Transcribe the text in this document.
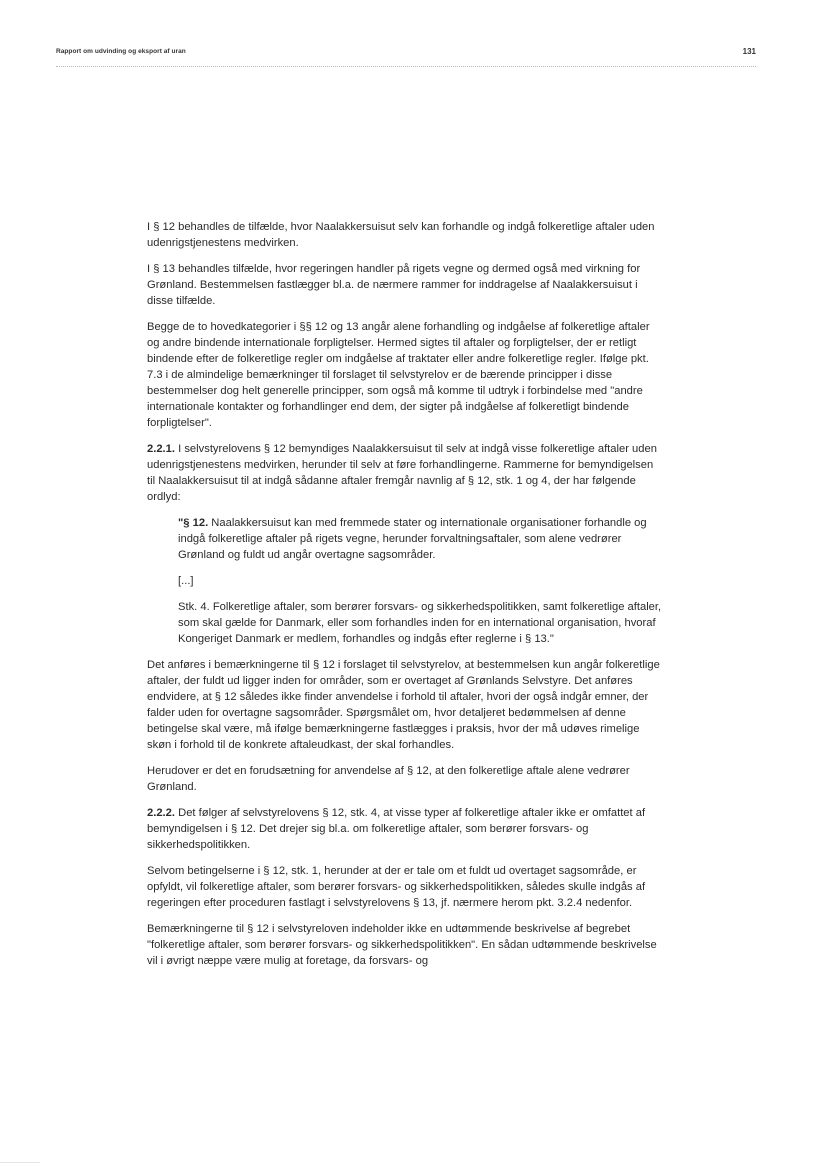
Rapport om udvinding og eksport af uran	131

I § 12 behandles de tilfælde, hvor Naalakkersuisut selv kan forhandle og indgå folkeretlige aftaler uden udenrigstjenestens medvirken.

I § 13 behandles tilfælde, hvor regeringen handler på rigets vegne og dermed også med virkning for Grønland. Bestemmelsen fastlægger bl.a. de nærmere rammer for inddragelse af Naalakkersuisut i disse tilfælde.

Begge de to hovedkategorier i §§ 12 og 13 angår alene forhandling og indgåelse af folkeretlige aftaler og andre bindende internationale forpligtelser. Hermed sigtes til aftaler og forpligtelser, der er retligt bindende efter de folkeretlige regler om indgåelse af traktater eller andre folkeretlige regler. Ifølge pkt. 7.3 i de almindelige bemærkninger til forslaget til selvstyrelov er de bærende principper i disse bestemmelser dog helt generelle principper, som også må komme til udtryk i forbindelse med "andre internationale kontakter og forhandlinger end dem, der sigter på indgåelse af folkeretligt bindende forpligtelser".

2.2.1. I selvstyrelovens § 12 bemyndiges Naalakkersuisut til selv at indgå visse folkeretlige aftaler uden udenrigstjenestens medvirken, herunder til selv at føre forhandlingerne. Rammerne for bemyndigelsen til Naalakkersuisut til at indgå sådanne aftaler fremgår navnlig af § 12, stk. 1 og 4, der har følgende ordlyd:

"§ 12. Naalakkersuisut kan med fremmede stater og internationale organisationer forhandle og indgå folkeretlige aftaler på rigets vegne, herunder forvaltningsaftaler, som alene vedrører Grønland og fuldt ud angår overtagne sagsområder.

[...]

Stk. 4. Folkeretlige aftaler, som berører forsvars- og sikkerhedspolitikken, samt folkeretlige aftaler, som skal gælde for Danmark, eller som forhandles inden for en international organisation, hvoraf Kongeriget Danmark er medlem, forhandles og indgås efter reglerne i § 13."

Det anføres i bemærkningerne til § 12 i forslaget til selvstyrelov, at bestemmelsen kun angår folkeretlige aftaler, der fuldt ud ligger inden for områder, som er overtaget af Grønlands Selvstyre. Det anføres endvidere, at § 12 således ikke finder anvendelse i forhold til aftaler, hvori der også indgår emner, der falder uden for overtagne sagsområder. Spørgsmålet om, hvor detaljeret bedømmelsen af denne betingelse skal være, må ifølge bemærkningerne fastlægges i praksis, hvor der må udøves rimelige skøn i forhold til de konkrete aftaleudkast, der skal forhandles.

Herudover er det en forudsætning for anvendelse af § 12, at den folkeretlige aftale alene vedrører Grønland.

2.2.2. Det følger af selvstyrelovens § 12, stk. 4, at visse typer af folkeretlige aftaler ikke er omfattet af bemyndigelsen i § 12. Det drejer sig bl.a. om folkeretlige aftaler, som berører forsvars- og sikkerhedspolitikken.

Selvom betingelserne i § 12, stk. 1, herunder at der er tale om et fuldt ud overtaget sagsområde, er opfyldt, vil folkeretlige aftaler, som berører forsvars- og sikkerhedspolitikken, således skulle indgås af regeringen efter proceduren fastlagt i selvstyrelovens § 13, jf. nærmere herom pkt. 3.2.4 nedenfor.

Bemærkningerne til § 12 i selvstyreloven indeholder ikke en udtømmende beskrivelse af begrebet "folkeretlige aftaler, som berører forsvars- og sikkerhedspolitikken". En sådan udtømmende beskrivelse vil i øvrigt næppe være mulig at foretage, da forsvars- og
